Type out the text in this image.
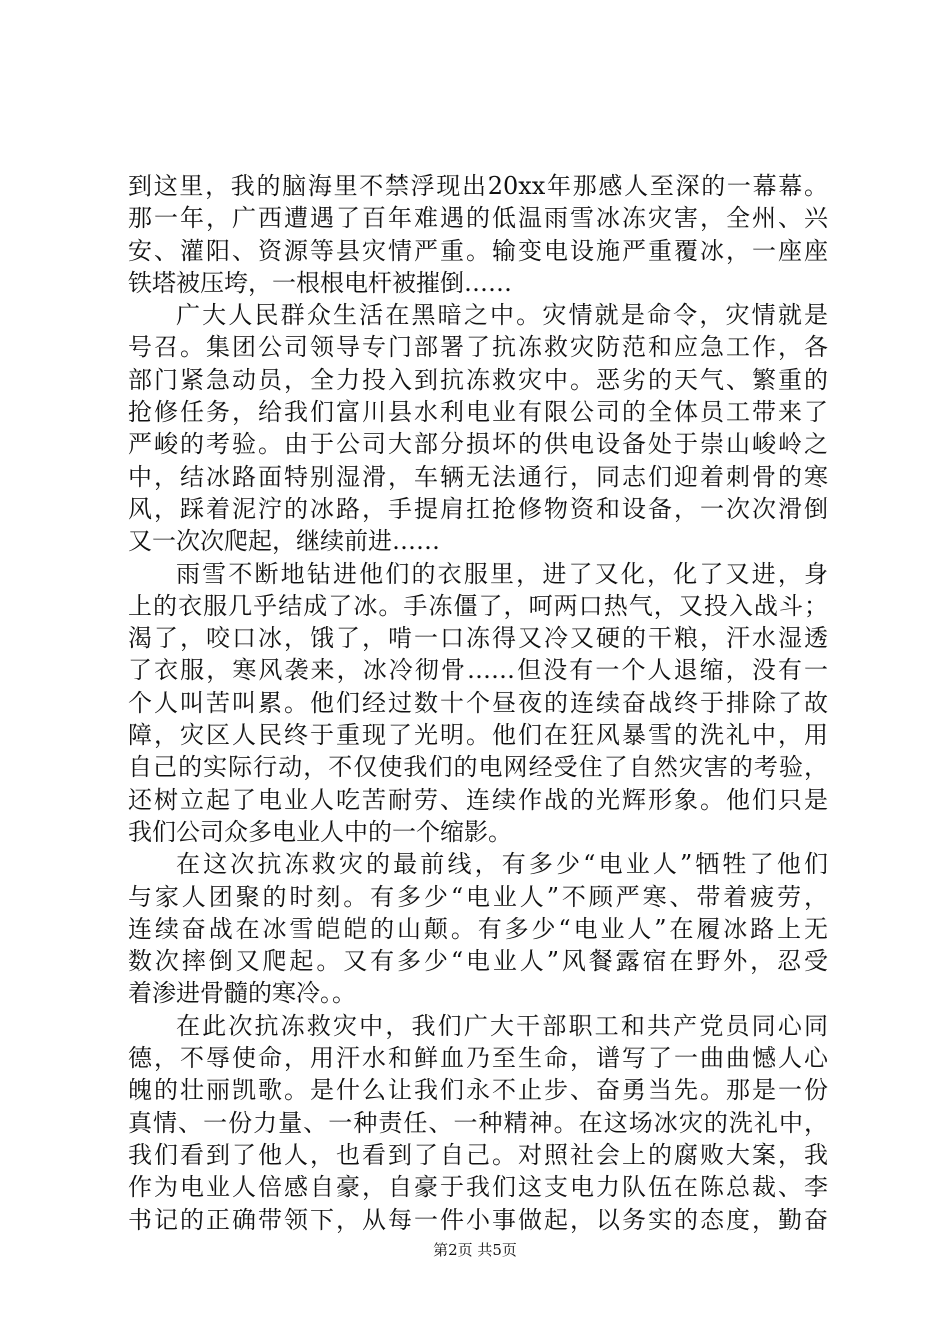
到这里，我的脑海里不禁浮现出20xx年那感人至深的一幕幕。
那一年，广西遭遇了百年难遇的低温雨雪冰冻灾害，全州、兴
安、灌阳、资源等县灾情严重。输变电设施严重覆冰，一座座
铁塔被压垮，一根根电杆被摧倒……
广大人民群众生活在黑暗之中。灾情就是命令，灾情就是
号召。集团公司领导专门部署了抗冻救灾防范和应急工作，各
部门紧急动员，全力投入到抗冻救灾中。恶劣的天气、繁重的
抢修任务，给我们富川县水利电业有限公司的全体员工带来了
严峻的考验。由于公司大部分损坏的供电设备处于崇山峻岭之
中，结冰路面特别湿滑，车辆无法通行，同志们迎着刺骨的寒
风，踩着泥泞的冰路，手提肩扛抢修物资和设备，一次次滑倒
又一次次爬起，继续前进……
雨雪不断地钻进他们的衣服里，进了又化，化了又进，身
上的衣服几乎结成了冰。手冻僵了，呵两口热气，又投入战斗；
渴了，咬口冰，饿了，啃一口冻得又冷又硬的干粮，汗水湿透
了衣服，寒风袭来，冰冷彻骨……但没有一个人退缩，没有一
个人叫苦叫累。他们经过数十个昼夜的连续奋战终于排除了故
障，灾区人民终于重现了光明。他们在狂风暴雪的洗礼中，用
自己的实际行动，不仅使我们的电网经受住了自然灾害的考验，
还树立起了电业人吃苦耐劳、连续作战的光辉形象。他们只是
我们公司众多电业人中的一个缩影。
在这次抗冻救灾的最前线，有多少“电业人”牺牲了他们
与家人团聚的时刻。有多少“电业人”不顾严寒、带着疲劳，
连续奋战在冰雪皑皑的山颠。有多少“电业人”在履冰路上无
数次摔倒又爬起。又有多少“电业人”风餐露宿在野外，忍受
着渗进骨髓的寒冷。。
在此次抗冻救灾中，我们广大干部职工和共产党员同心同
德，不辱使命，用汗水和鲜血乃至生命，谱写了一曲曲憾人心
魄的壮丽凯歌。是什么让我们永不止步、奋勇当先。那是一份
真情、一份力量、一种责任、一种精神。在这场冰灾的洗礼中，
我们看到了他人，也看到了自己。对照社会上的腐败大案，我
作为电业人倍感自豪，自豪于我们这支电力队伍在陈总裁、李
书记的正确带领下，从每一件小事做起，以务实的态度，勤奋
第2页 共5页
